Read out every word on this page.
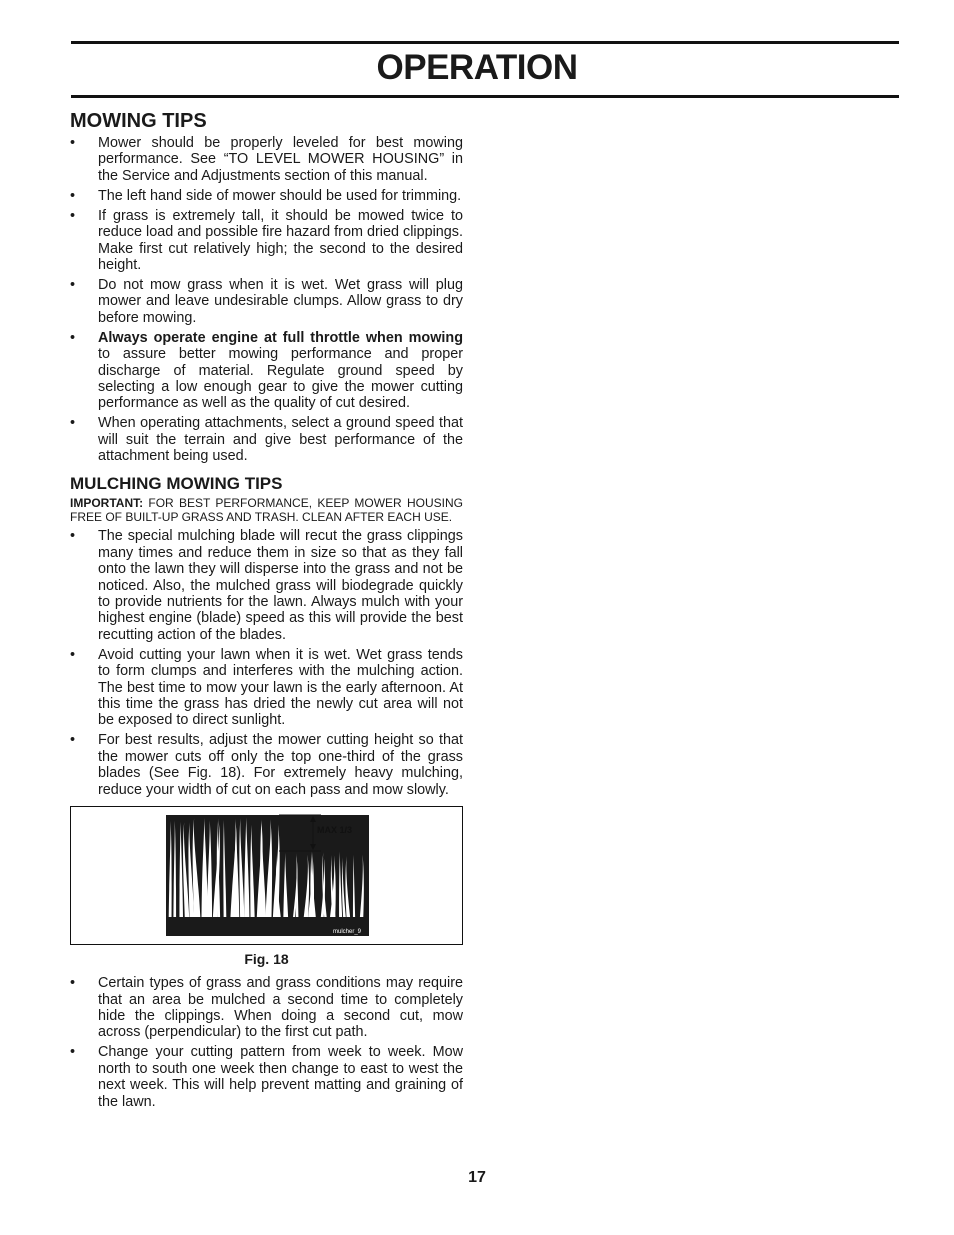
OPERATION
MOWING TIPS
•	Mower should be properly leveled for best mowing performance. See “TO LEVEL MOWER HOUSING” in the Service and Adjustments section of this manual.
•	The left hand side of mower should be used for trimming.
•	If grass is extremely tall, it should be mowed twice to reduce load and possible fire hazard from dried clippings. Make first cut relatively high; the second to the desired height.
•	Do not mow grass when it is wet. Wet grass will plug mower and leave undesirable clumps. Allow grass to dry before mowing.
•	Always operate engine at full throttle when mowing to assure better mowing performance and proper discharge of material. Regulate ground speed by selecting a low enough gear to give the mower cutting performance as well as the quality of cut desired.
•	When operating attachments, select a ground speed that will suit the terrain and give best performance of the attachment being used.
MULCHING MOWING TIPS

IMPORTANT: FOR BEST PERFORMANCE, KEEP MOWER HOUSING FREE OF BUILT-UP GRASS AND TRASH. CLEAN AFTER EACH USE.

•	The special mulching blade will recut the grass clippings many times and reduce them in size so that as they fall onto the lawn they will disperse into the grass and not be noticed. Also, the mulched grass will biodegrade quickly to provide nutrients for the lawn. Always mulch with your highest engine (blade) speed as this will provide the best recutting action of the blades.
•	Avoid cutting your lawn when it is wet. Wet grass tends to form clumps and interferes with the mulching action. The best time to mow your lawn is the early afternoon. At this time the grass has dried the newly cut area will not be exposed to direct sunlight.
•	For best results, adjust the mower cutting height so that the mower cuts off only the top one-third of the grass blades (See Fig. 18). For extremely heavy mulching, reduce your width of cut on each pass and mow slowly.
MAX 1/3
mulcher_9
Fig. 18
•	Certain types of grass and grass conditions may require that an area be mulched a second time to completely hide the clippings. When doing a second cut, mow across (perpendicular) to the first cut path.
•	Change your cutting pattern from week to week. Mow north to south one week then change to east to west the next week. This will help prevent matting and graining of the lawn.
17
